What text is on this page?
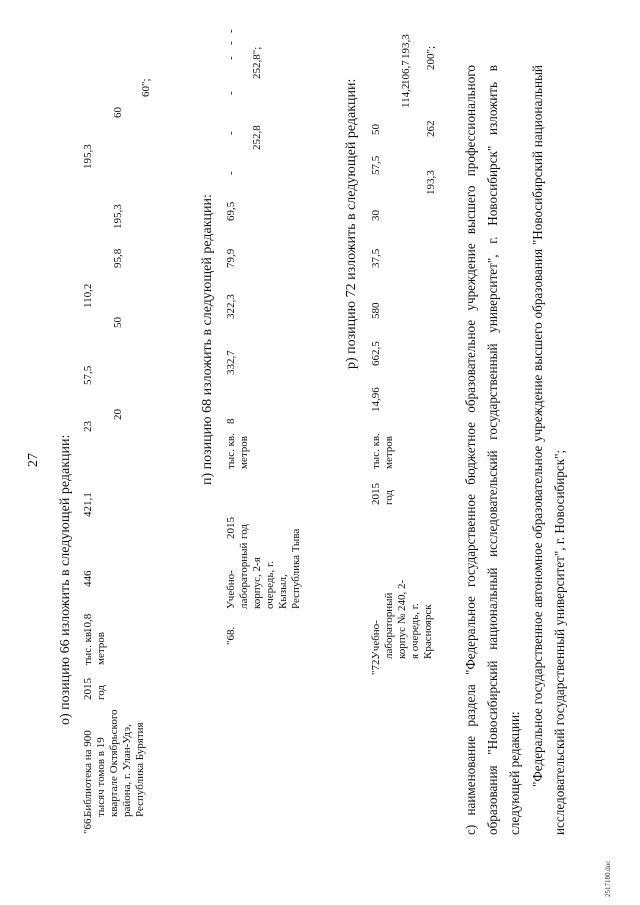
27 о) позицию 66 изложить в следующей редакции:
"66.
Библиотека на 900 тысяч томов в 19 квартале Октябрьского района, г. Улан-Удэ, Республика Бурятия
2015 год
тыс. кв. метров
10,8
446
421,1
23
20
57,5
50
110,2
95,8
195,3
195,3
60
60";
п) позицию 68 изложить в следующей редакции:
"68.
Учебно-лабораторный корпус, 2-я очередь, г. Кызыл, Республика Тыва
2015 год
тыс. кв. метров
8
332,7
322,3
79,9
69,5
-
-
-
-
-
-
252,8
252,8";
р) позицию 72 изложить в следующей редакции:
"72.
Учебно-лабораторный корпус № 240, 2-я очередь, г. Красноярск
2015 год
тыс. кв. метров
14,96
662,5
580
37,5
30
57,5
50
114,2
106,7
193,3
193,3
262
200";
с) наименование раздела "Федеральное государственное бюджетное образовательное учреждение высшего профессионального образования "Новосибирский национальный исследовательский государственный университет", г. Новосибирск" изложить в следующей редакции: "Федеральное государственное автономное образовательное учреждение высшего образования "Новосибирский национальный исследовательский государственный университет", г. Новосибирск";
2517180.doc
